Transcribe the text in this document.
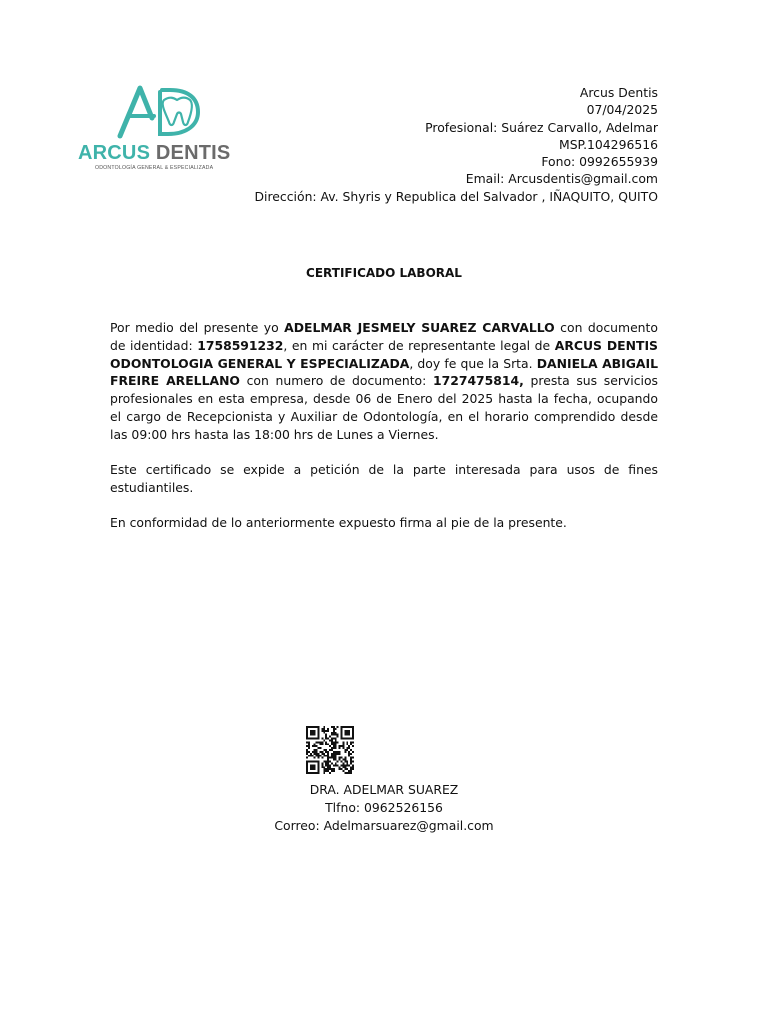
ARCUS DENTIS
ODONTOLOGÍA GENERAL & ESPECIALIZADA
Arcus Dentis
07/04/2025
Profesional: Suárez Carvallo, Adelmar
MSP.104296516
Fono: 0992655939
Email: Arcusdentis@gmail.com
Dirección: Av. Shyris y Republica del Salvador , IÑAQUITO, QUITO
CERTIFICADO LABORAL
Por medio del presente yo ADELMAR JESMELY SUAREZ CARVALLO con documento de identidad: 1758591232, en mi carácter de representante legal de ARCUS DENTIS ODONTOLOGIA GENERAL Y ESPECIALIZADA, doy fe que la Srta. DANIELA ABIGAIL FREIRE ARELLANO con numero de documento: 1727475814, presta sus servicios profesionales en esta empresa, desde 06 de Enero del 2025 hasta la fecha, ocupando el cargo de Recepcionista y Auxiliar de Odontología, en el horario comprendido desde las 09:00 hrs hasta las 18:00 hrs de Lunes a Viernes.
Este certificado se expide a petición de la parte interesada para usos de fines estudiantiles.
En conformidad de lo anteriormente expuesto firma al pie de la presente.
DRA. ADELMAR SUAREZ
Tlfno: 0962526156
Correo: Adelmarsuarez@gmail.com
